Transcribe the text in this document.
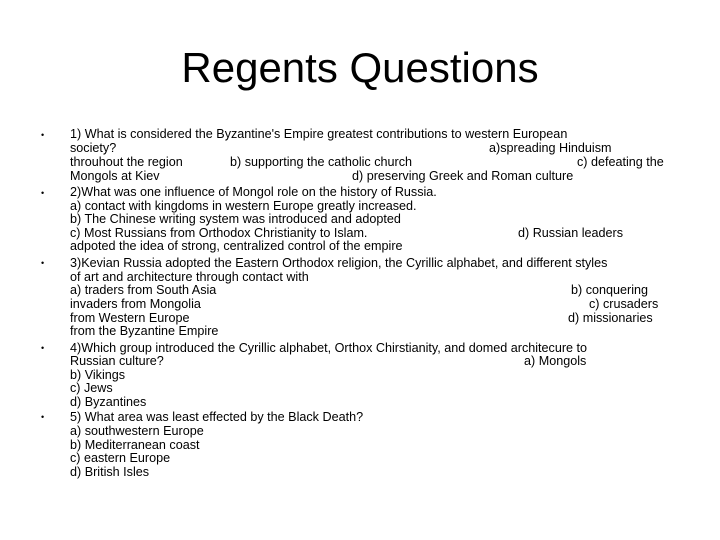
Regents Questions
•
•
•
•
•
1) What is considered the Byzantine's Empire greatest contributions to western European
society?	a)spreading Hinduism
throuhout the region	b) supporting the catholic church	c) defeating the
Mongols at Kiev	d) preserving Greek and Roman culture
2)What was one influence of Mongol role on the history of Russia.
a) contact with kingdoms in western Europe greatly increased.
b) The Chinese writing system was introduced and adopted
c) Most Russians from Orthodox Christianity to Islam.	d) Russian leaders
adpoted the idea of strong, centralized control of the empire
3)Kevian Russia adopted the Eastern Orthodox religion, the Cyrillic alphabet, and different styles
of art and architecture through contact with
a) traders from South Asia	b) conquering
invaders from Mongolia	c) crusaders
from Western Europe	d) missionaries
from the Byzantine Empire
4)Which group introduced the Cyrillic alphabet, Orthox Chirstianity, and domed architecure to
Russian culture?	a) Mongols
b) Vikings
c) Jews
d) Byzantines
5) What area was least effected by the Black Death?
a) southwestern Europe
b) Mediterranean coast
c) eastern Europe
d) British Isles
